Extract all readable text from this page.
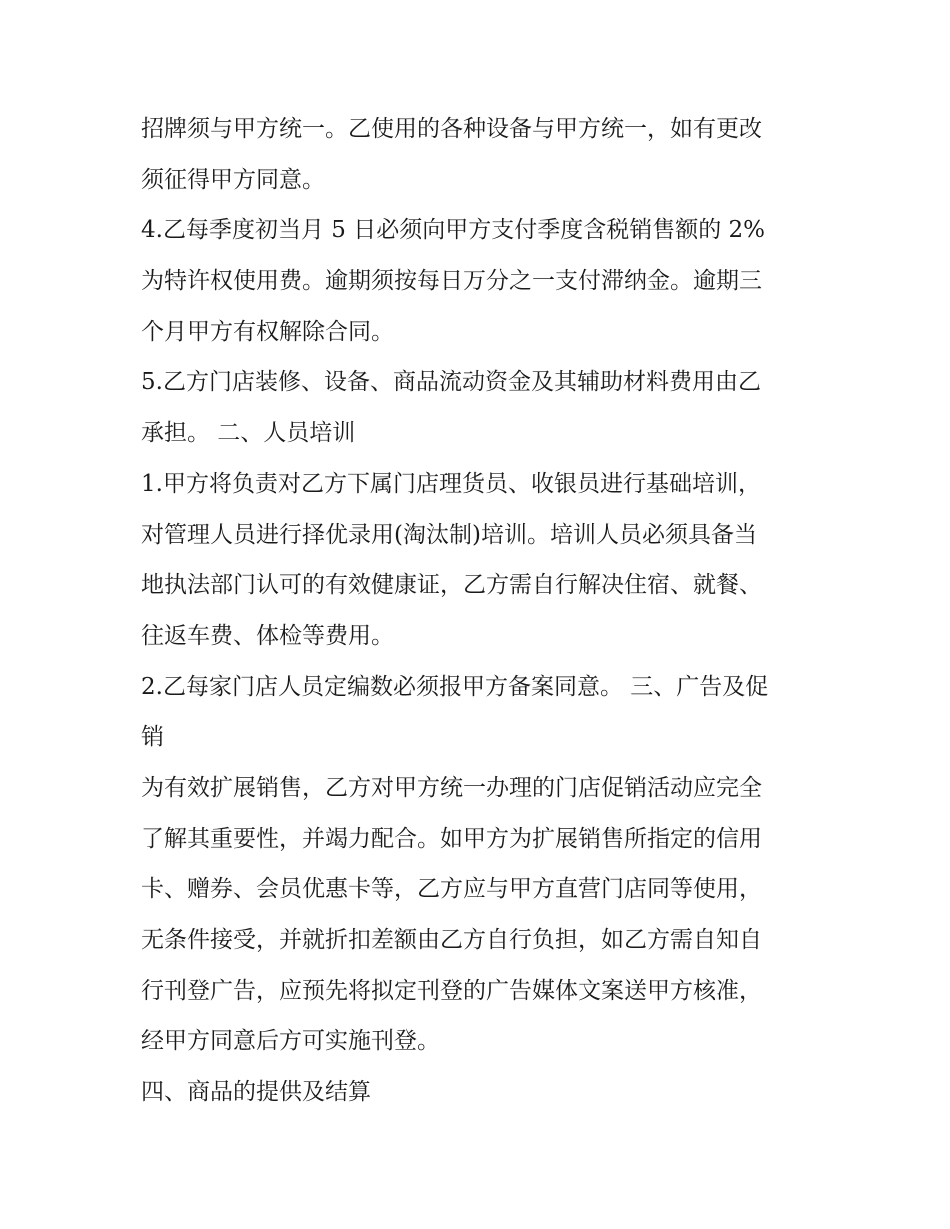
招牌须与甲方统一。乙使用的各种设备与甲方统一，如有更改
须征得甲方同意。
4.乙每季度初当月 5 日必须向甲方支付季度含税销售额的 2%
为特许权使用费。逾期须按每日万分之一支付滞纳金。逾期三
个月甲方有权解除合同。
5.乙方门店装修、设备、商品流动资金及其辅助材料费用由乙
承担。 二、人员培训
1.甲方将负责对乙方下属门店理货员、收银员进行基础培训，
对管理人员进行择优录用(淘汰制)培训。培训人员必须具备当
地执法部门认可的有效健康证，乙方需自行解决住宿、就餐、
往返车费、体检等费用。
2.乙每家门店人员定编数必须报甲方备案同意。 三、广告及促
销
为有效扩展销售，乙方对甲方统一办理的门店促销活动应完全
了解其重要性，并竭力配合。如甲方为扩展销售所指定的信用
卡、赠券、会员优惠卡等，乙方应与甲方直营门店同等使用，
无条件接受，并就折扣差额由乙方自行负担，如乙方需自知自
行刊登广告，应预先将拟定刊登的广告媒体文案送甲方核准，
经甲方同意后方可实施刊登。
四、商品的提供及结算
